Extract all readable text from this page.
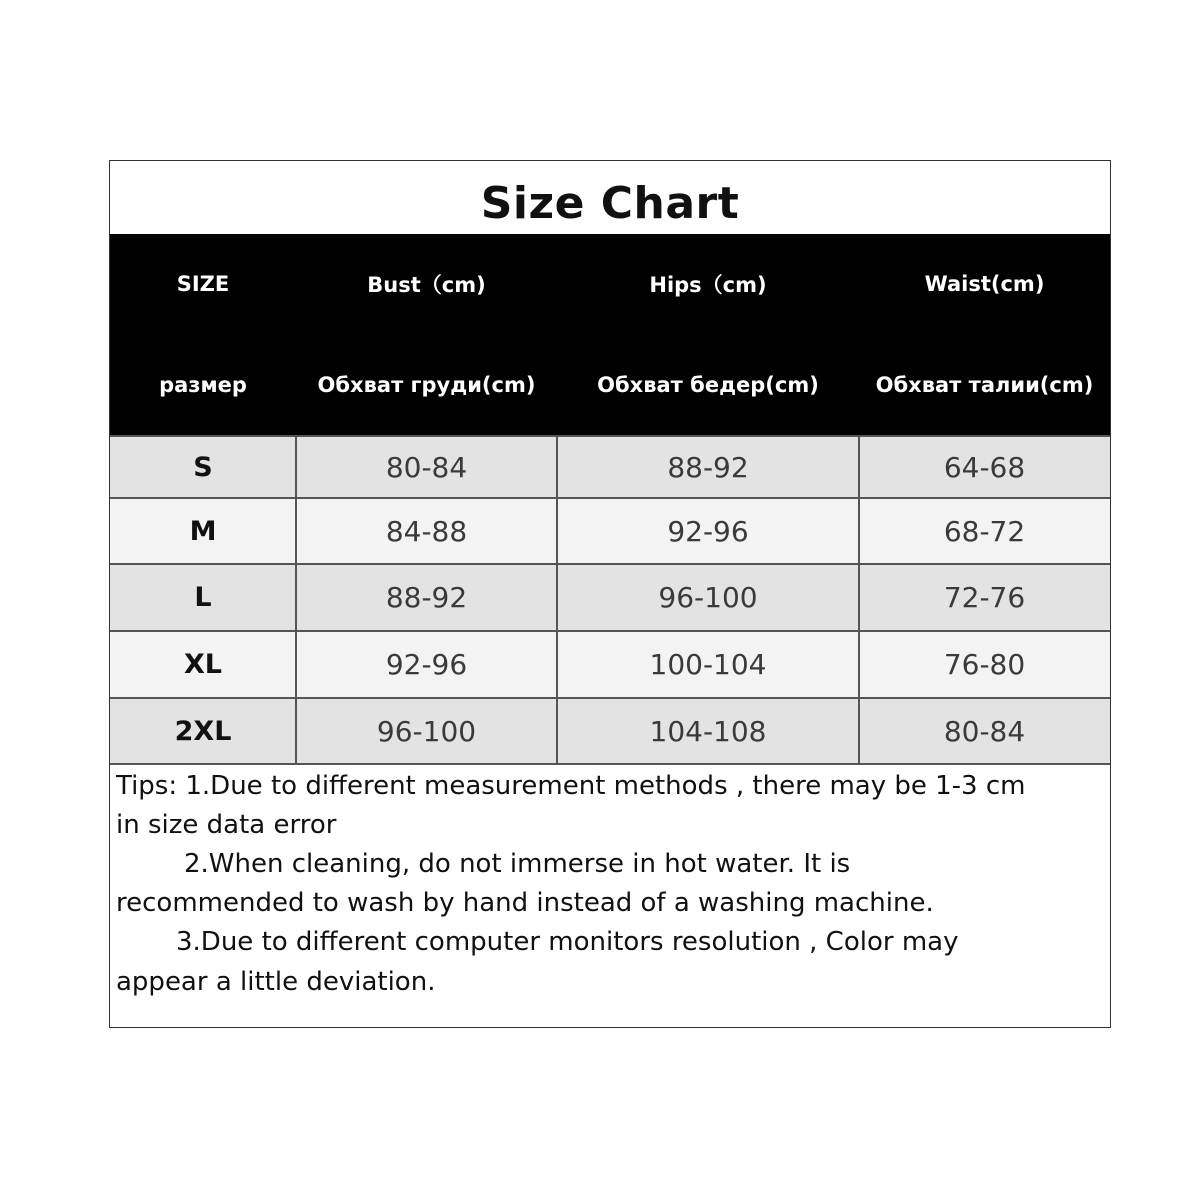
Size Chart
SIZE	Bust（cm)	Hips（cm)	Waist(cm)
размер	Обхват груди(cm)	Обхват бедер(cm)	Обхват талии(cm)
S	80-84	88-92	64-68
M	84-88	92-96	68-72
L	88-92	96-100	72-76
XL	92-96	100-104	76-80
2XL	96-100	104-108	80-84
Tips: 1.Due to different measurement methods , there may be 1-3 cm
in size data error
2.When cleaning, do not immerse in hot water. It is
recommended to wash by hand instead of a washing machine.
3.Due to different computer monitors resolution , Color may
appear a little deviation.
